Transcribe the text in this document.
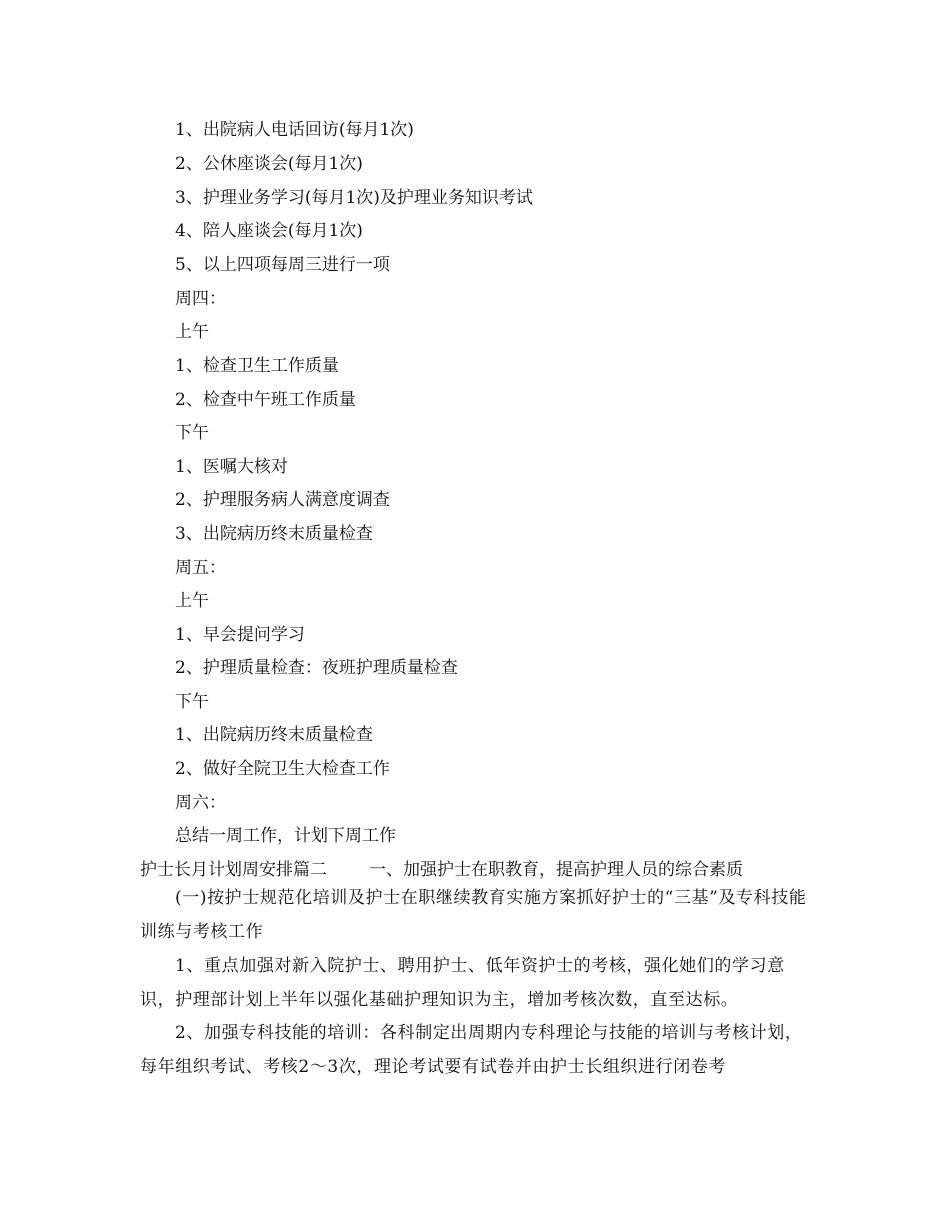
1、出院病人电话回访(每月1次)
2、公休座谈会(每月1次)
3、护理业务学习(每月1次)及护理业务知识考试
4、陪人座谈会(每月1次)
5、以上四项每周三进行一项
周四：
上午
1、检查卫生工作质量
2、检查中午班工作质量
下午
1、医嘱大核对
2、护理服务病人满意度调查
3、出院病历终末质量检查
周五：
上午
1、早会提问学习
2、护理质量检查：夜班护理质量检查
下午
1、出院病历终末质量检查
2、做好全院卫生大检查工作
周六：
总结一周工作，计划下周工作
护士长月计划周安排篇二 一、加强护士在职教育，提高护理人员的综合素质
(一)按护士规范化培训及护士在职继续教育实施方案抓好护士的“三基”及专科技能训练与考核工作
1、重点加强对新入院护士、聘用护士、低年资护士的考核，强化她们的学习意识，护理部计划上半年以强化基础护理知识为主，增加考核次数，直至达标。
2、加强专科技能的培训：各科制定出周期内专科理论与技能的培训与考核计划，每年组织考试、考核2～3次，理论考试要有试卷并由护士长组织进行闭卷考
